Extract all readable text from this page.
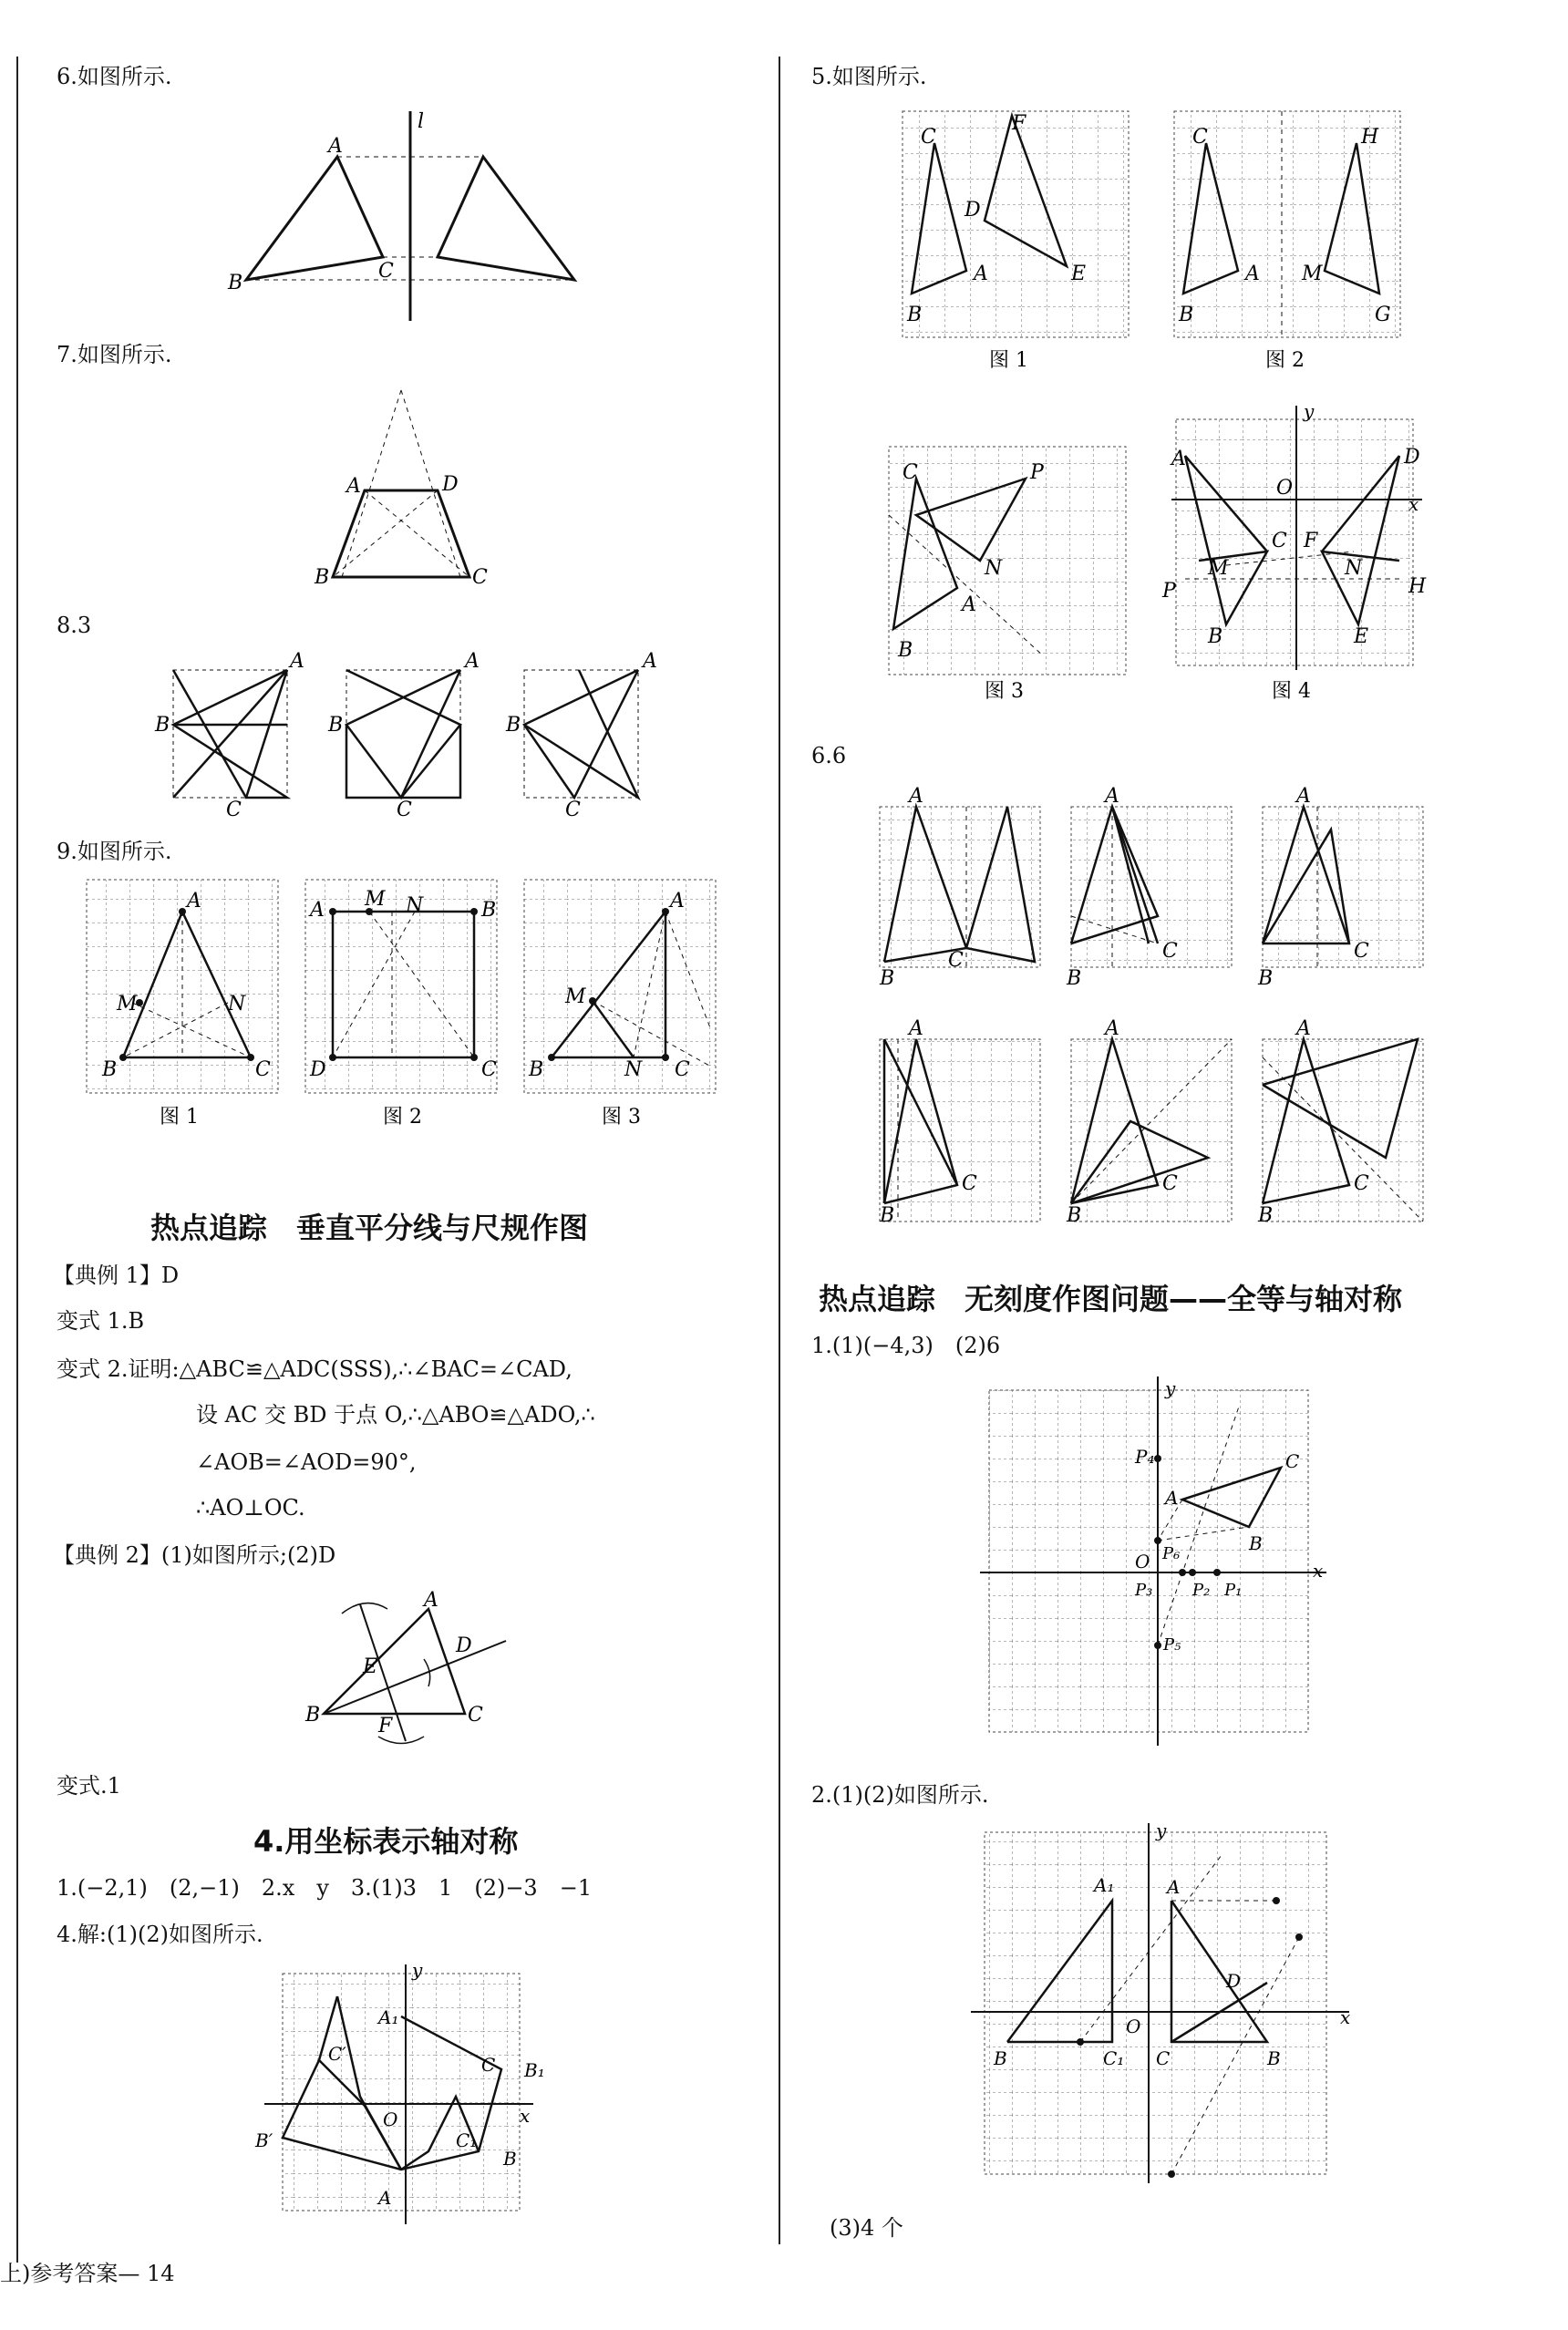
6.如图所示.
l
A
B
C
7.如图所示.
A	D
B	C
8.3
A
B
C
A
B
C
A
B
C
9.如图所示.
A
M	N
B	C
图 1
A M N	B
D	C
图 2
A
M
B	N C
图 3
热点追踪　垂直平分线与尺规作图
【典例 1】D
变式 1.B
变式 2.证明:△ABC≌△ADC(SSS),∴∠BAC=∠CAD,
设 AC 交 BD 于点 O,∴△ABO≌△ADO,∴
∠AOB=∠AOD=90°,
∴AO⊥OC.
【典例 2】(1)如图所示;(2)D
A
D
E
B	F	C
变式.1
4.用坐标表示轴对称
1.(−2,1)　(2,−1)　2.x　y　3.(1)3　1　(2)−3　−1
4.解:(1)(2)如图所示.
y
A₁
C′	C B₁
x
O
B′	C₁
B
A
上)参考答案— 14
5.如图所示.
C
F
D
A	E
B
图 1
C	H
A M
B	G
图 2
C	P
N
A
B
图 3
y
A	D
O
x
C F
M	N
P	H
B	E
图 4
6.6
A
C
B
A
C
B
A
C
B
A
C
B
A
C
B
A
C
B
热点追踪　无刻度作图问题——全等与轴对称
1.(1)(−4,3)　(2)6
y
P₄	C
A
B
O P₆
P₃ P₂ P₁
x
P₅
2.(1)(2)如图所示.
y
A₁	A
D
O	x
B	C₁ C	B
(3)4 个
